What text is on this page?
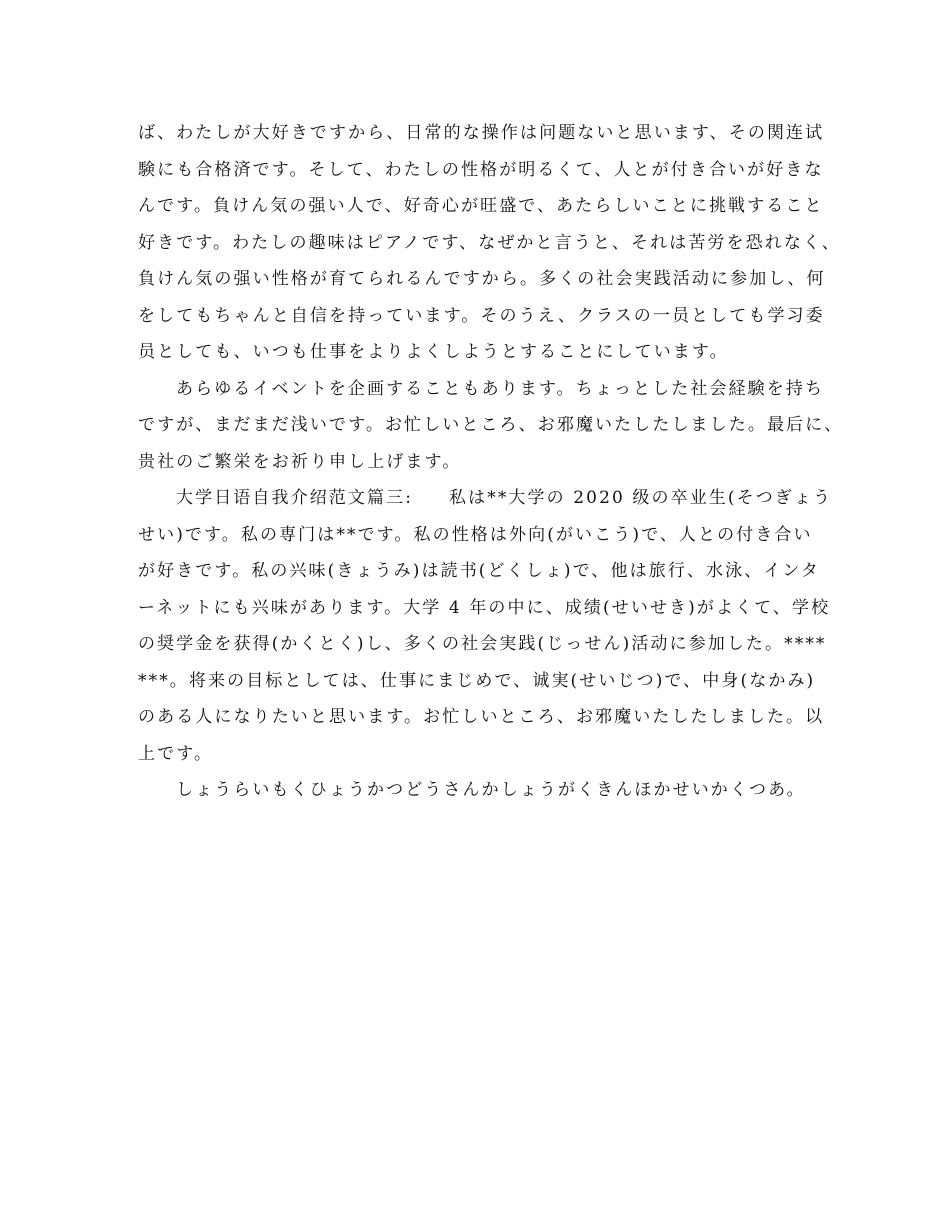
ば、わたしが大好きですから、日常的な操作は问题ないと思います、その関连试
験にも合格済です。そして、わたしの性格が明るくて、人とが付き合いが好きな
んです。負けん気の强い人で、好奇心が旺盛で、あたらしいことに挑戦すること
好きです。わたしの趣味はピアノです、なぜかと言うと、それは苦労を恐れなく、
負けん気の强い性格が育てられるんですから。多くの社会実践活动に参加し、何
をしてもちゃんと自信を持っています。そのうえ、クラスの一员としても学习委
员としても、いつも仕事をよりよくしようとすることにしています。
あらゆるイベントを企画することもあります。ちょっとした社会経験を持ち
ですが、まだまだ浅いです。お忙しいところ、お邪魔いたしたしました。最后に、
贵社のご繁栄をお祈り申し上げます。
大学日语自我介绍范文篇三: 私は**大学の 2020 级の卒业生(そつぎょう
せい)です。私の専门は**です。私の性格は外向(がいこう)で、人との付き合い
が好きです。私の兴味(きょうみ)は読书(どくしょ)で、他は旅行、水泳、インタ
ーネットにも兴味があります。大学 4 年の中に、成绩(せいせき)がよくて、学校
の奨学金を获得(かくとく)し、多くの社会実践(じっせん)活动に参加した。****
***。将来の目标としては、仕事にまじめで、诚実(せいじつ)で、中身(なかみ)
のある人になりたいと思います。お忙しいところ、お邪魔いたしたしました。以
上です。
しょうらいもくひょうかつどうさんかしょうがくきんほかせいかくつあ。
